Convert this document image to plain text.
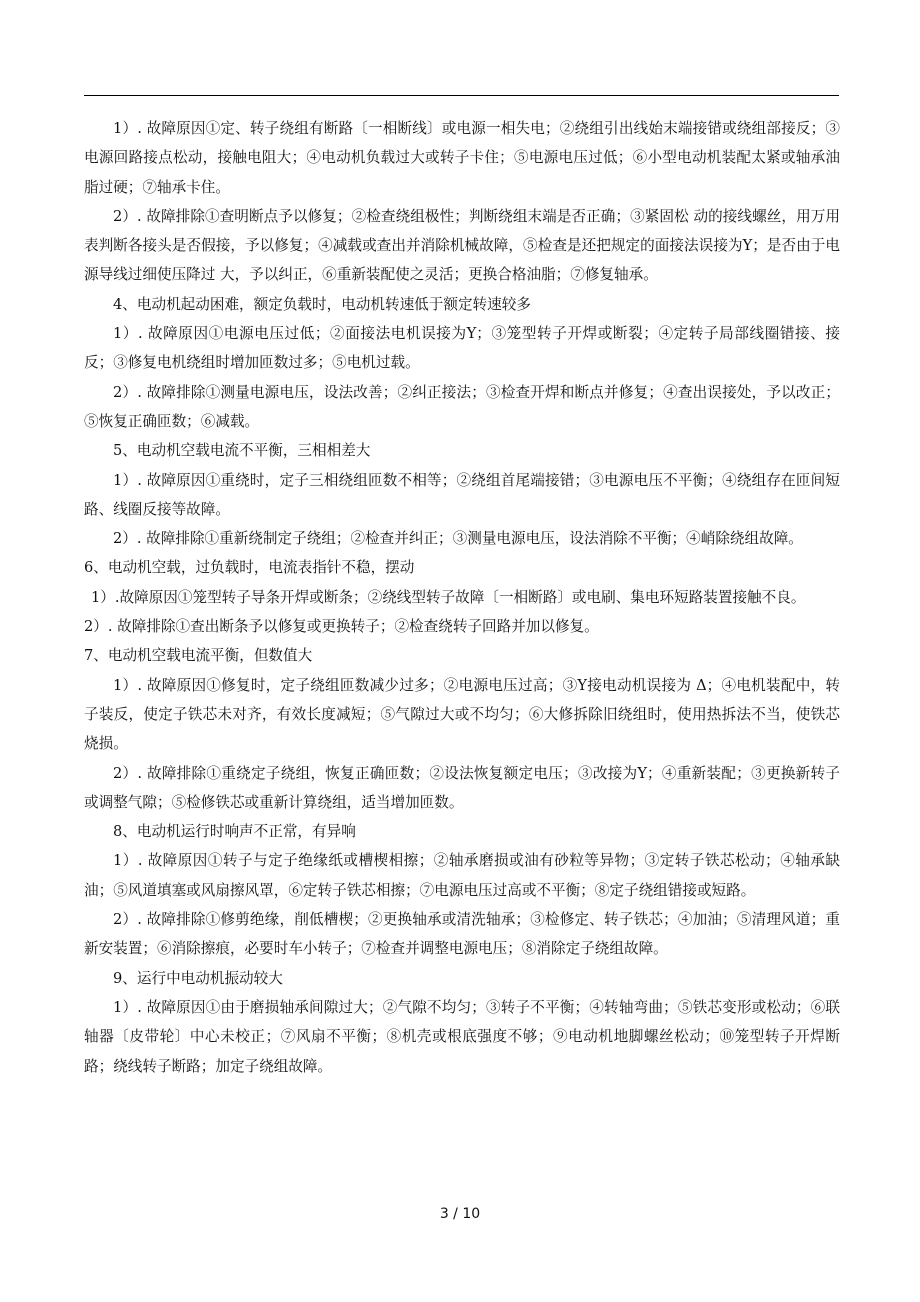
1）. 故障原因①定、转子绕组有断路〔一相断线〕或电源一相失电；②绕组引出线始末端接错或绕组部接反；③电源回路接点松动，接触电阻大；④电动机负载过大或转子卡住；⑤电源电压过低；⑥小型电动机装配太紧或轴承油脂过硬；⑦轴承卡住。

2）. 故障排除①查明断点予以修复；②检查绕组极性；判断绕组末端是否正确；③紧固松 动的接线螺丝，用万用表判断各接头是否假接，予以修复；④减载或查出并消除机械故障，⑤检查是还把规定的面接法误接为Y；是否由于电源导线过细使压降过 大，予以纠正，⑥重新装配使之灵活；更换合格油脂；⑦修复轴承。

4、电动机起动困难，额定负载时，电动机转速低于额定转速较多

1）. 故障原因①电源电压过低；②面接法电机误接为Y；③笼型转子开焊或断裂；④定转子局部线圈错接、接反；③修复电机绕组时增加匝数过多；⑤电机过载。

2）. 故障排除①测量电源电压，设法改善；②纠正接法；③检查开焊和断点并修复；④查出误接处，予以改正；⑤恢复正确匝数；⑥减载。

5、电动机空载电流不平衡，三相相差大

1）. 故障原因①重绕时，定子三相绕组匝数不相等；②绕组首尾端接错；③电源电压不平衡；④绕组存在匝间短路、线圈反接等故障。

2）. 故障排除①重新绕制定子绕组；②检查并纠正；③测量电源电压，设法消除不平衡；④峭除绕组故障。

6、电动机空载，过负载时，电流表指针不稳，摆动

1）.故障原因①笼型转子导条开焊或断条；②绕线型转子故障〔一相断路〕或电刷、集电环短路装置接触不良。

2）. 故障排除①查出断条予以修复或更换转子；②检查绕转子回路并加以修复。

7、电动机空载电流平衡，但数值大

1）. 故障原因①修复时，定子绕组匝数减少过多；②电源电压过高；③Y接电动机误接为 Δ；④电机装配中，转子装反，使定子铁芯未对齐，有效长度减短；⑤气隙过大或不均匀；⑥大修拆除旧绕组时，使用热拆法不当，使铁芯烧损。

2）. 故障排除①重绕定子绕组，恢复正确匝数；②设法恢复额定电压；③改接为Y；④重新装配；③更换新转子或调整气隙；⑤检修铁芯或重新计算绕组，适当增加匝数。

8、电动机运行时响声不正常，有异响

1）. 故障原因①转子与定子绝缘纸或槽楔相擦；②轴承磨损或油有砂粒等异物；③定转子铁芯松动；④轴承缺油；⑤风道填塞或风扇擦风罩，⑥定转子铁芯相擦；⑦电源电压过高或不平衡；⑧定子绕组错接或短路。

2）. 故障排除①修剪绝缘，削低槽楔；②更换轴承或清洗轴承；③检修定、转子铁芯；④加油；⑤清理风道；重新安装置；⑥消除擦痕，必要时车小转子；⑦检查并调整电源电压；⑧消除定子绕组故障。

9、运行中电动机振动较大

1）. 故障原因①由于磨损轴承间隙过大；②气隙不均匀；③转子不平衡；④转轴弯曲；⑤铁芯变形或松动；⑥联轴器〔皮带轮〕中心未校正；⑦风扇不平衡；⑧机壳或根底强度不够；⑨电动机地脚螺丝松动；⑩笼型转子开焊断路；绕线转子断路；加定子绕组故障。

3 / 10
